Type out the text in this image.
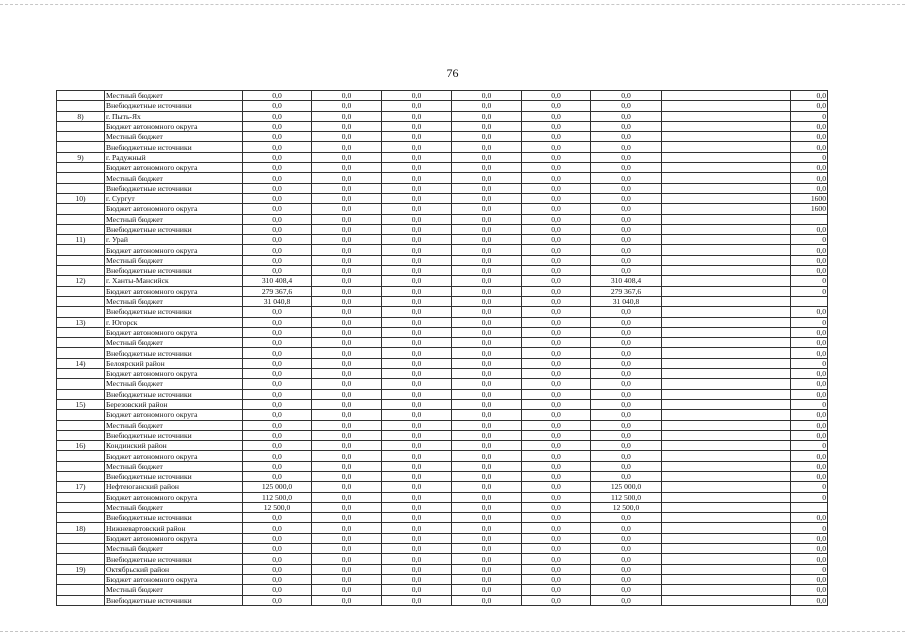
76
	Местный бюджет	0,0	0,0	0,0	0,0	0,0	0,0		0,0
	Внебюджетные источники	0,0	0,0	0,0	0,0	0,0	0,0		0,0
8)	г. Пыть-Ях	0,0	0,0	0,0	0,0	0,0	0,0		0
	Бюджет автономного округа	0,0	0,0	0,0	0,0	0,0	0,0		0,0
	Местный бюджет	0,0	0,0	0,0	0,0	0,0	0,0		0,0
	Внебюджетные источники	0,0	0,0	0,0	0,0	0,0	0,0		0,0
9)	г. Радужный	0,0	0,0	0,0	0,0	0,0	0,0		0
	Бюджет автономного округа	0,0	0,0	0,0	0,0	0,0	0,0		0,0
	Местный бюджет	0,0	0,0	0,0	0,0	0,0	0,0		0,0
	Внебюджетные источники	0,0	0,0	0,0	0,0	0,0	0,0		0,0
10)	г. Сургут	0,0	0,0	0,0	0,0	0,0	0,0		1600
	Бюджет автономного округа	0,0	0,0	0,0	0,0	0,0	0,0		1600
	Местный бюджет	0,0	0,0	0,0	0,0	0,0	0,0		
	Внебюджетные источники	0,0	0,0	0,0	0,0	0,0	0,0		0,0
11)	г. Урай	0,0	0,0	0,0	0,0	0,0	0,0		0
	Бюджет автономного округа	0,0	0,0	0,0	0,0	0,0	0,0		0,0
	Местный бюджет	0,0	0,0	0,0	0,0	0,0	0,0		0,0
	Внебюджетные источники	0,0	0,0	0,0	0,0	0,0	0,0		0,0
12)	г. Ханты-Мансийск	310 408,4	0,0	0,0	0,0	0,0	310 408,4		0
	Бюджет автономного округа	279 367,6	0,0	0,0	0,0	0,0	279 367,6		0
	Местный бюджет	31 040,8	0,0	0,0	0,0	0,0	31 040,8		
	Внебюджетные источники	0,0	0,0	0,0	0,0	0,0	0,0		0,0
13)	г. Югорск	0,0	0,0	0,0	0,0	0,0	0,0		0
	Бюджет автономного округа	0,0	0,0	0,0	0,0	0,0	0,0		0,0
	Местный бюджет	0,0	0,0	0,0	0,0	0,0	0,0		0,0
	Внебюджетные источники	0,0	0,0	0,0	0,0	0,0	0,0		0,0
14)	Белоярский район	0,0	0,0	0,0	0,0	0,0	0,0		0
	Бюджет автономного округа	0,0	0,0	0,0	0,0	0,0	0,0		0,0
	Местный бюджет	0,0	0,0	0,0	0,0	0,0	0,0		0,0
	Внебюджетные источники	0,0	0,0	0,0	0,0	0,0	0,0		0,0
15)	Березовский район	0,0	0,0	0,0	0,0	0,0	0,0		0
	Бюджет автономного округа	0,0	0,0	0,0	0,0	0,0	0,0		0,0
	Местный бюджет	0,0	0,0	0,0	0,0	0,0	0,0		0,0
	Внебюджетные источники	0,0	0,0	0,0	0,0	0,0	0,0		0,0
16)	Кондинский район	0,0	0,0	0,0	0,0	0,0	0,0		0
	Бюджет автономного округа	0,0	0,0	0,0	0,0	0,0	0,0		0,0
	Местный бюджет	0,0	0,0	0,0	0,0	0,0	0,0		0,0
	Внебюджетные источники	0,0	0,0	0,0	0,0	0,0	0,0		0,0
17)	Нефтеюганский район	125 000,0	0,0	0,0	0,0	0,0	125 000,0		0
	Бюджет автономного округа	112 500,0	0,0	0,0	0,0	0,0	112 500,0		0
	Местный бюджет	12 500,0	0,0	0,0	0,0	0,0	12 500,0		
	Внебюджетные источники	0,0	0,0	0,0	0,0	0,0	0,0		0,0
18)	Нижневартовский район	0,0	0,0	0,0	0,0	0,0	0,0		0
	Бюджет автономного округа	0,0	0,0	0,0	0,0	0,0	0,0		0,0
	Местный бюджет	0,0	0,0	0,0	0,0	0,0	0,0		0,0
	Внебюджетные источники	0,0	0,0	0,0	0,0	0,0	0,0		0,0
19)	Октябрьский район	0,0	0,0	0,0	0,0	0,0	0,0		0
	Бюджет автономного округа	0,0	0,0	0,0	0,0	0,0	0,0		0,0
	Местный бюджет	0,0	0,0	0,0	0,0	0,0	0,0		0,0
	Внебюджетные источники	0,0	0,0	0,0	0,0	0,0	0,0		0,0
